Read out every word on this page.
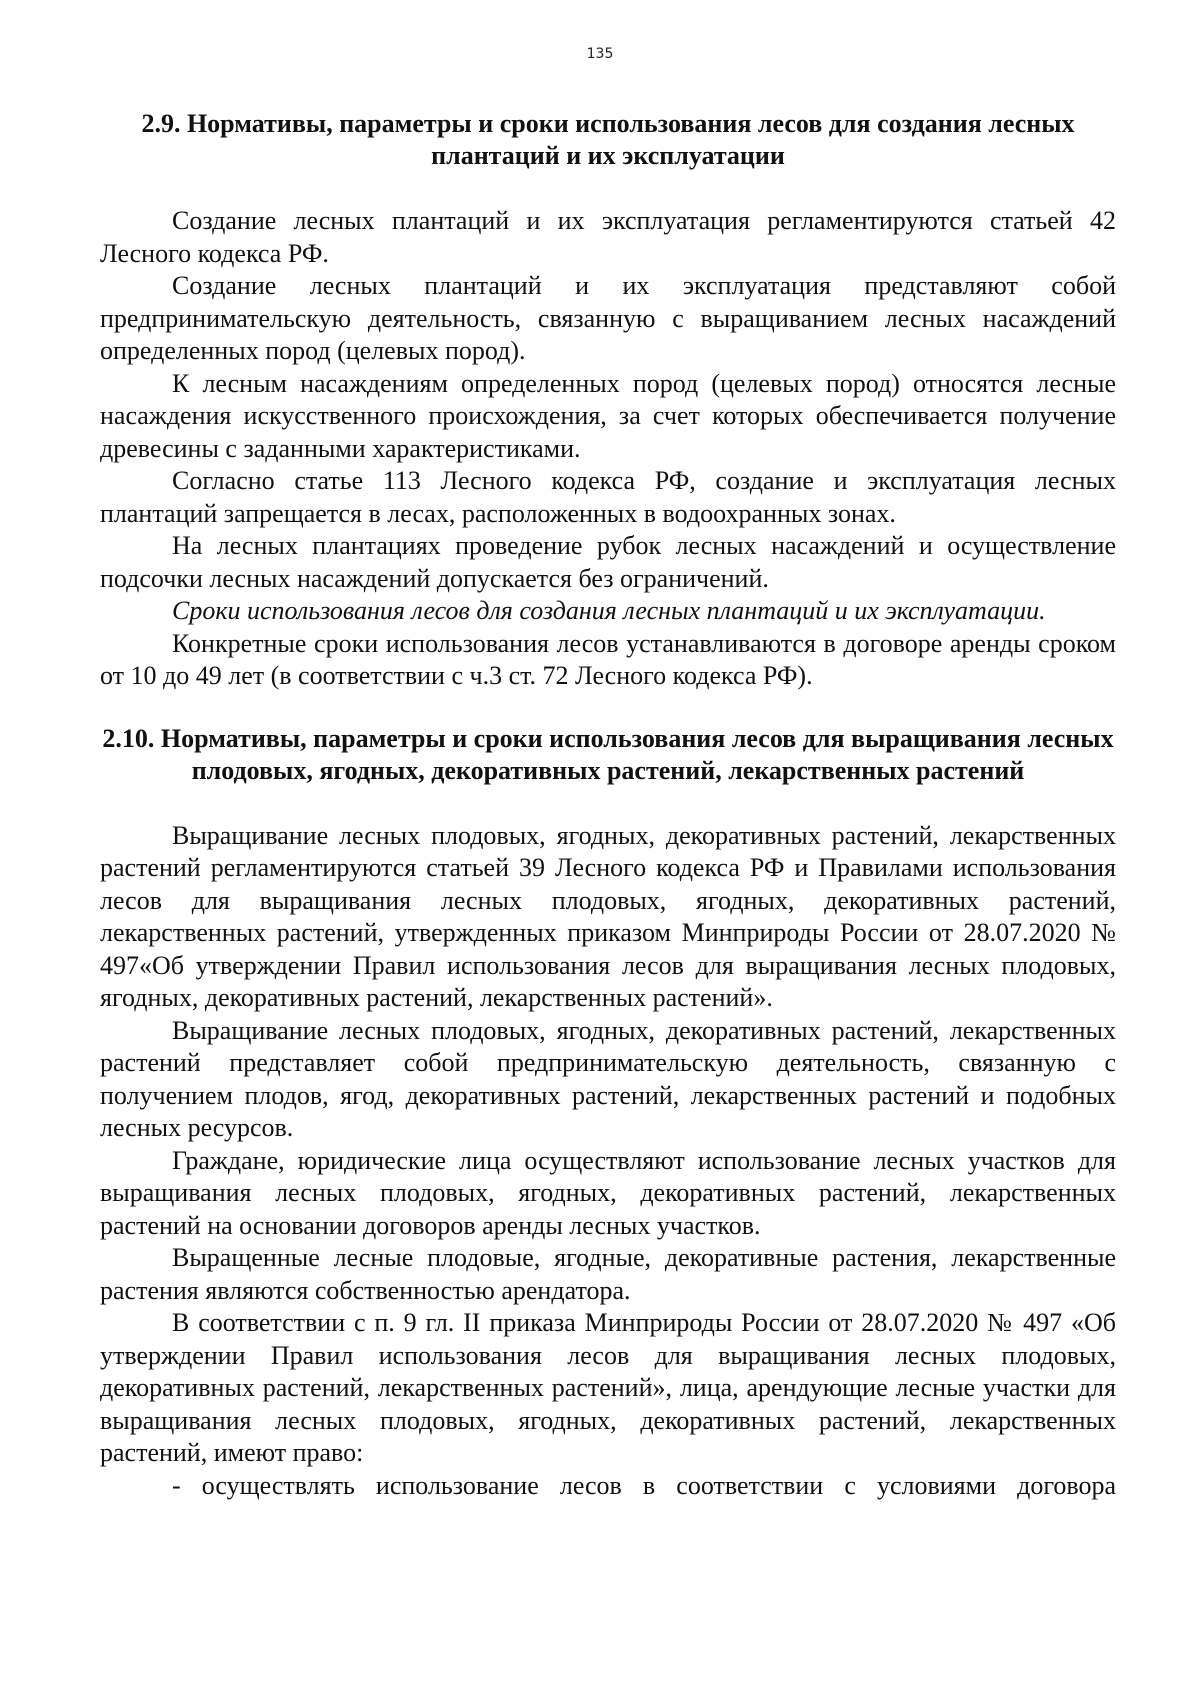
135

2.9. Нормативы, параметры и сроки использования лесов для создания лесных плантаций и их эксплуатации

Создание лесных плантаций и их эксплуатация регламентируются статьей 42 Лесного кодекса РФ.

Создание лесных плантаций и их эксплуатация представляют собой предпринимательскую деятельность, связанную с выращиванием лесных насаждений определенных пород (целевых пород).

К лесным насаждениям определенных пород (целевых пород) относятся лесные насаждения искусственного происхождения, за счет которых обеспечивается получение древесины с заданными характеристиками.

Согласно статье 113 Лесного кодекса РФ, создание и эксплуатация лесных плантаций запрещается в лесах, расположенных в водоохранных зонах.

На лесных плантациях проведение рубок лесных насаждений и осуществление подсочки лесных насаждений допускается без ограничений.

Сроки использования лесов для создания лесных плантаций и их эксплуатации.

Конкретные сроки использования лесов устанавливаются в договоре аренды сроком от 10 до 49 лет (в соответствии с ч.3 ст. 72 Лесного кодекса РФ).

2.10. Нормативы, параметры и сроки использования лесов для выращивания лесных плодовых, ягодных, декоративных растений, лекарственных растений

Выращивание лесных плодовых, ягодных, декоративных растений, лекарственных растений регламентируются статьей 39 Лесного кодекса РФ и Правилами использования лесов для выращивания лесных плодовых, ягодных, декоративных растений, лекарственных растений, утвержденных приказом Минприроды России от 28.07.2020 № 497«Об утверждении Правил использования лесов для выращивания лесных плодовых, ягодных, декоративных растений, лекарственных растений».

Выращивание лесных плодовых, ягодных, декоративных растений, лекарственных растений представляет собой предпринимательскую деятельность, связанную с получением плодов, ягод, декоративных растений, лекарственных растений и подобных лесных ресурсов.

Граждане, юридические лица осуществляют использование лесных участков для выращивания лесных плодовых, ягодных, декоративных растений, лекарственных растений на основании договоров аренды лесных участков.

Выращенные лесные плодовые, ягодные, декоративные растения, лекарственные растения являются собственностью арендатора.

В соответствии с п. 9 гл. II приказа Минприроды России от 28.07.2020 № 497 «Об утверждении Правил использования лесов для выращивания лесных плодовых, декоративных растений, лекарственных растений», лица, арендующие лесные участки для выращивания лесных плодовых, ягодных, декоративных растений, лекарственных растений, имеют право:

- осуществлять использование лесов в соответствии с условиями договора
